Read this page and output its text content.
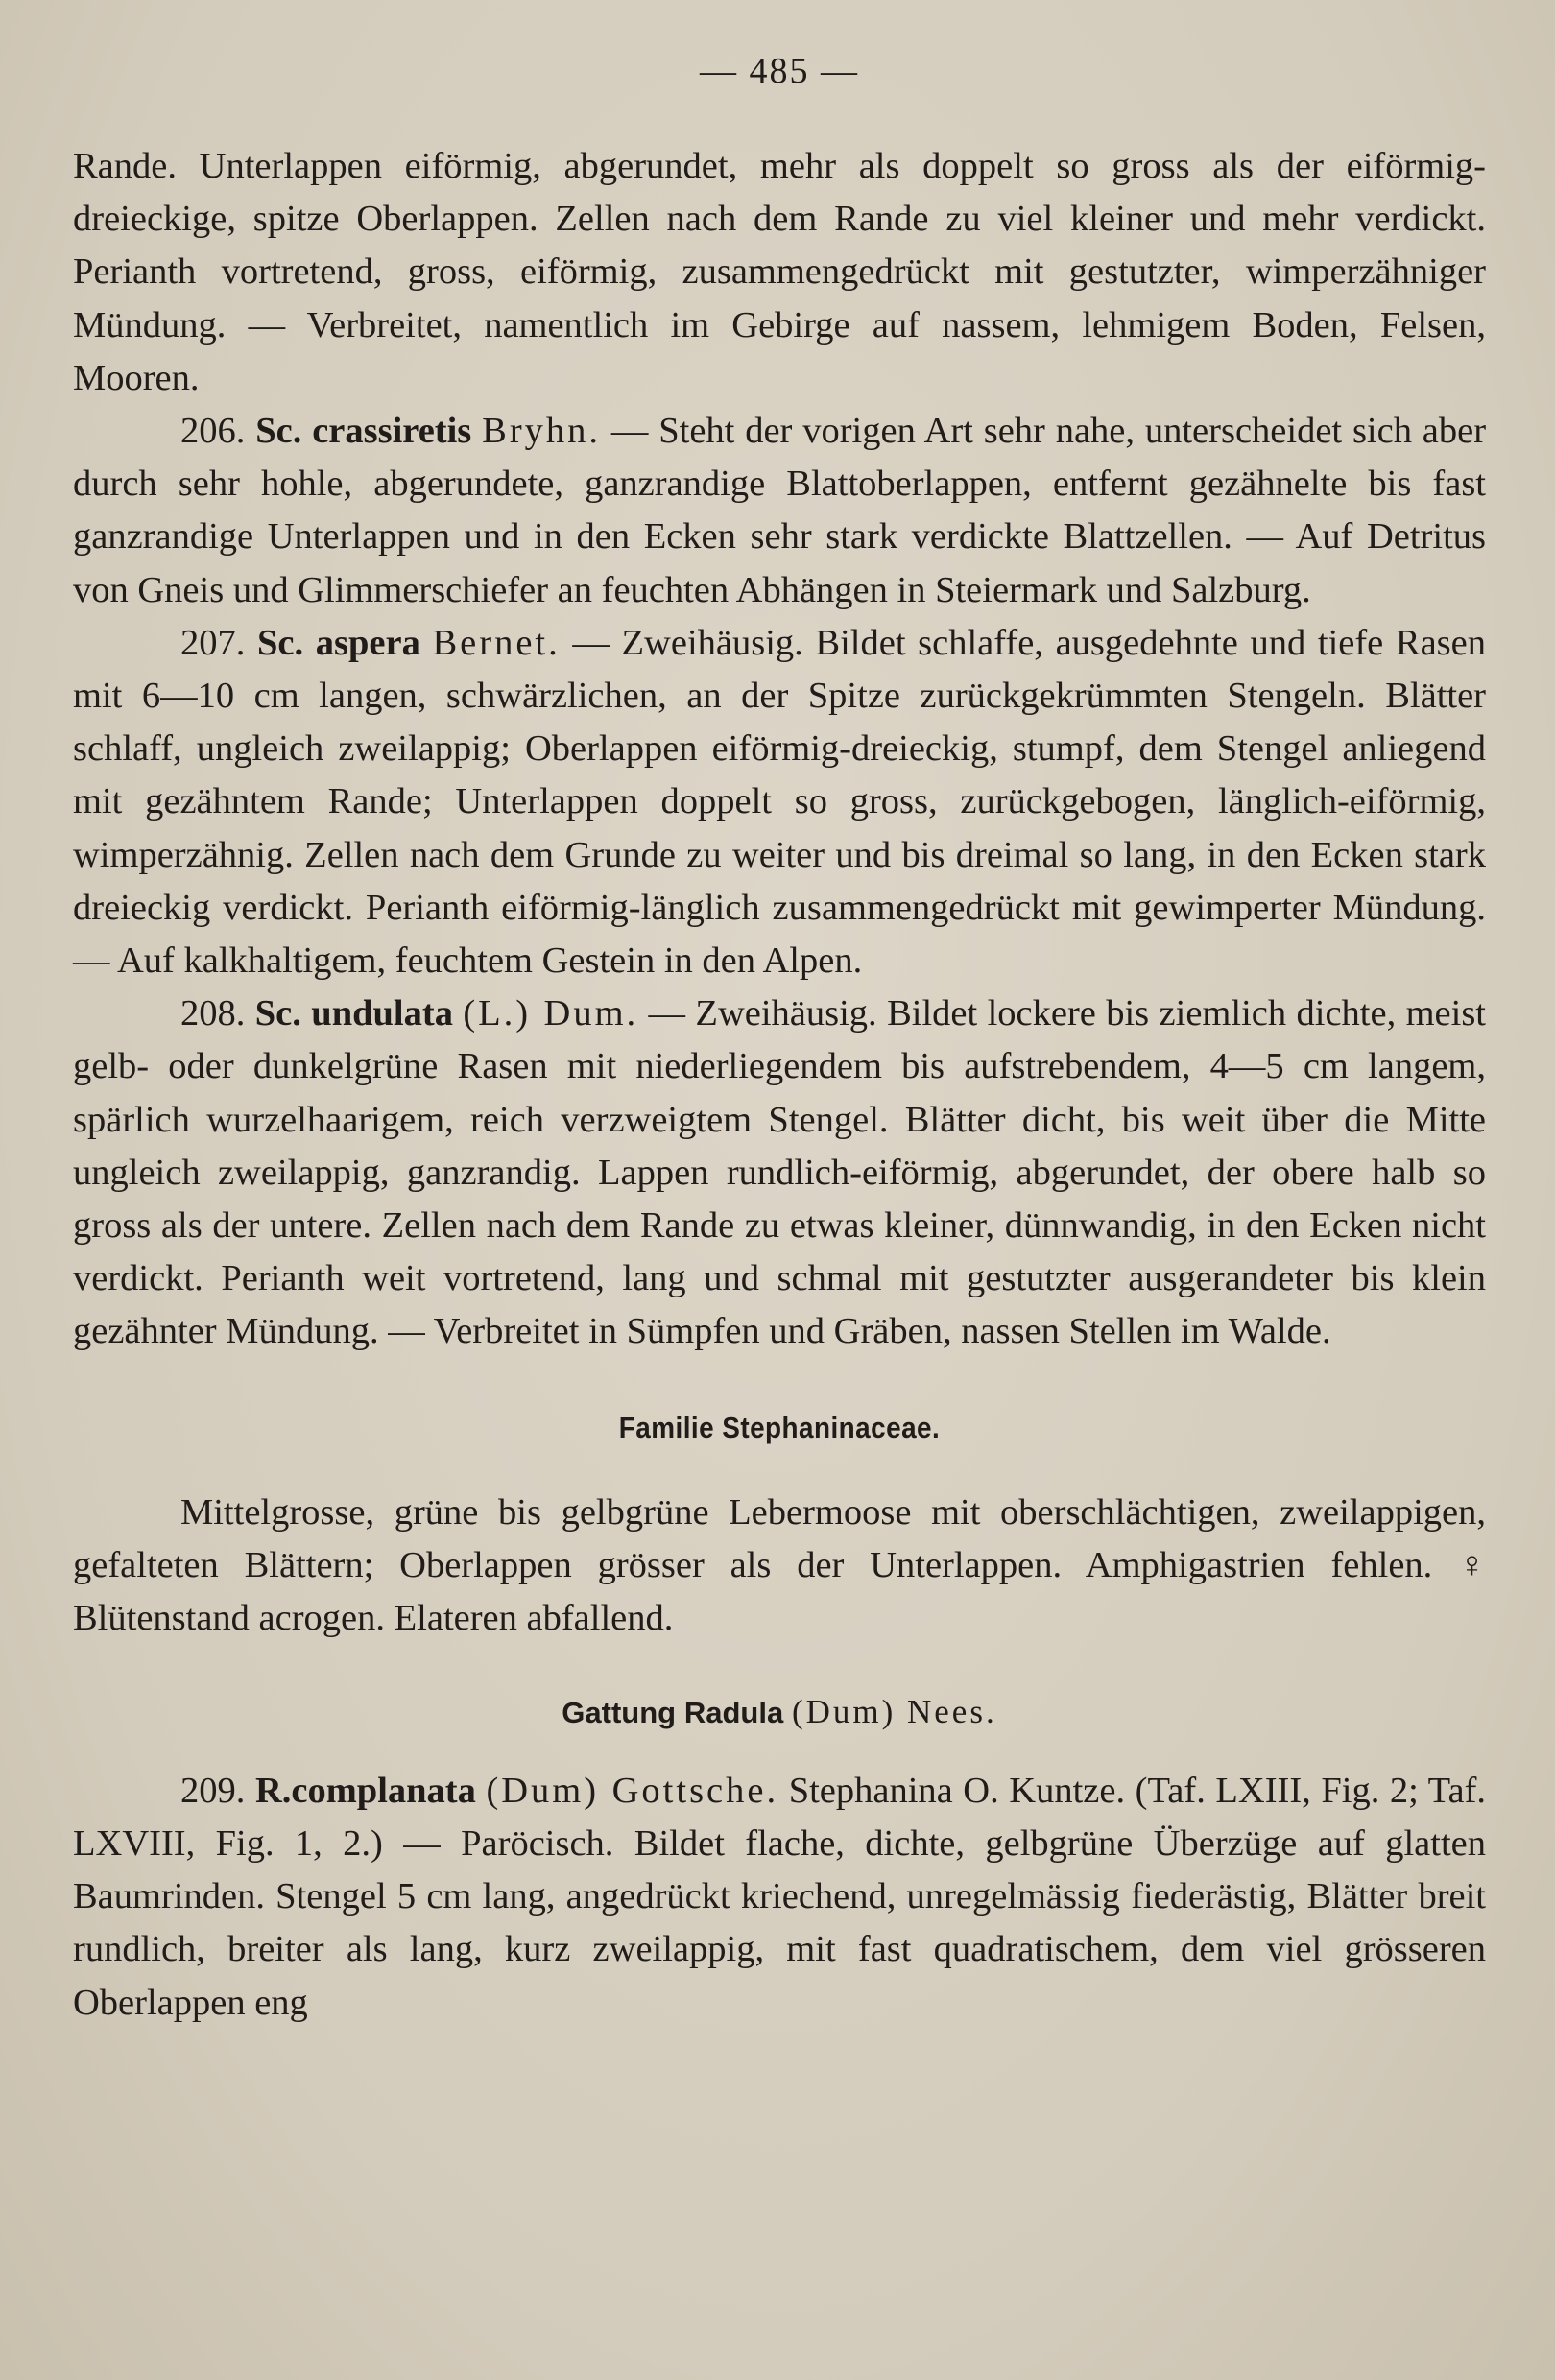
— 485 —

Rande. Unterlappen eiförmig, abgerundet, mehr als doppelt so gross als der eiförmig-dreieckige, spitze Oberlappen. Zellen nach dem Rande zu viel kleiner und mehr verdickt. Perianth vortretend, gross, eiförmig, zusammengedrückt mit gestutzter, wimperzähniger Mündung. — Verbreitet, namentlich im Gebirge auf nassem, lehmigem Boden, Felsen, Mooren.

206. Sc. crassiretis Bryhn. — Steht der vorigen Art sehr nahe, unterscheidet sich aber durch sehr hohle, abgerundete, ganzrandige Blattoberlappen, entfernt gezähnelte bis fast ganzrandige Unterlappen und in den Ecken sehr stark verdickte Blattzellen. — Auf Detritus von Gneis und Glimmerschiefer an feuchten Abhängen in Steiermark und Salzburg.

207. Sc. aspera Bernet. — Zweihäusig. Bildet schlaffe, ausgedehnte und tiefe Rasen mit 6—10 cm langen, schwärzlichen, an der Spitze zurückgekrümmten Stengeln. Blätter schlaff, ungleich zweilappig; Oberlappen eiförmig-dreieckig, stumpf, dem Stengel anliegend mit gezähntem Rande; Unterlappen doppelt so gross, zurückgebogen, länglich-eiförmig, wimperzähnig. Zellen nach dem Grunde zu weiter und bis dreimal so lang, in den Ecken stark dreieckig verdickt. Perianth eiförmig-länglich zusammengedrückt mit gewimperter Mündung. — Auf kalkhaltigem, feuchtem Gestein in den Alpen.

208. Sc. undulata (L.) Dum. — Zweihäusig. Bildet lockere bis ziemlich dichte, meist gelb- oder dunkelgrüne Rasen mit niederliegendem bis aufstrebendem, 4—5 cm langem, spärlich wurzelhaarigem, reich verzweigtem Stengel. Blätter dicht, bis weit über die Mitte ungleich zweilappig, ganzrandig. Lappen rundlich-eiförmig, abgerundet, der obere halb so gross als der untere. Zellen nach dem Rande zu etwas kleiner, dünnwandig, in den Ecken nicht verdickt. Perianth weit vortretend, lang und schmal mit gestutzter ausgerandeter bis klein gezähnter Mündung. — Verbreitet in Sümpfen und Gräben, nassen Stellen im Walde.

Familie Stephaninaceae.

Mittelgrosse, grüne bis gelbgrüne Lebermoose mit oberschlächtigen, zweilappigen, gefalteten Blättern; Oberlappen grösser als der Unterlappen. Amphigastrien fehlen. ♀ Blütenstand acrogen. Elateren abfallend.

Gattung Radula (Dum) Nees.

209. R.complanata (Dum) Gottsche. Stephanina O. Kuntze. (Taf. LXIII, Fig. 2; Taf. LXVIII, Fig. 1, 2.) — Paröcisch. Bildet flache, dichte, gelbgrüne Überzüge auf glatten Baumrinden. Stengel 5 cm lang, angedrückt kriechend, unregelmässig fiederästig, Blätter breit rundlich, breiter als lang, kurz zweilappig, mit fast quadratischem, dem viel grösseren Oberlappen eng
